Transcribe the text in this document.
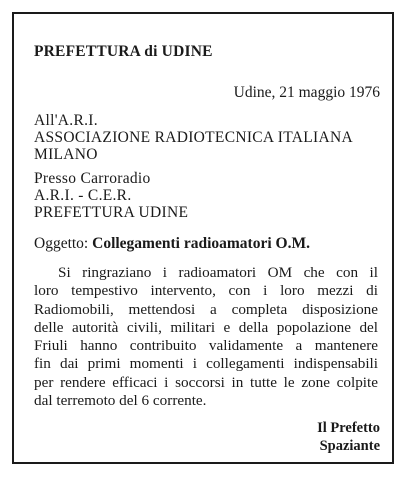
PREFETTURA di UDINE
Udine, 21 maggio 1976
All'A.R.I.
ASSOCIAZIONE RADIOTECNICA ITALIANA
MILANO
Presso Carroradio
A.R.I. - C.E.R.
PREFETTURA UDINE
Oggetto: Collegamenti radioamatori O.M.
Si ringraziano i radioamatori OM che con il
loro tempestivo intervento, con i loro mezzi di
Radiomobili, mettendosi a completa disposizione
delle autorità civili, militari e della popolazione del
Friuli hanno contribuito validamente a mantenere
fin dai primi momenti i collegamenti indispensabili
per rendere efficaci i soccorsi in tutte le zone colpite
dal terremoto del 6 corrente.
Il Prefetto
Spaziante
